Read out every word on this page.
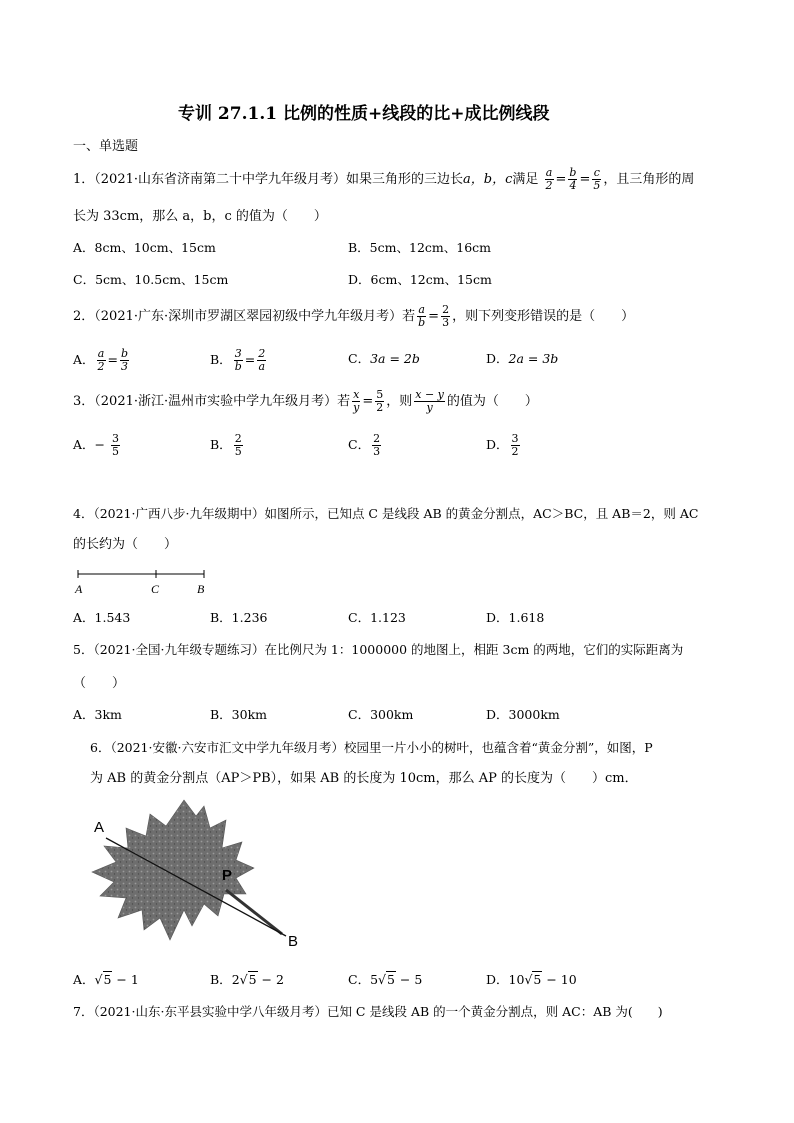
专训 27.1.1 比例的性质+线段的比+成比例线段
一、单选题
1．（2021·山东省济南第二十中学九年级月考）如果三角形的三边长a，b，c满足 $\frac{a}{2} = \frac{b}{4} = \frac{c}{5}$ ，且三角形的周
长为 33cm，那么 a，b，c 的值为（　　）
A．8cm、10cm、15cm	B．5cm、12cm、16cm
C．5cm、10.5cm、15cm	D．6cm、12cm、15cm
2．（2021·广东·深圳市罗湖区翠园初级中学九年级月考）若 $\frac{a}{b} = \frac{2}{3}$ ，则下列变形错误的是（　　）
A． $\frac{a}{2} = \frac{b}{3}$	B． $\frac{3}{b} = \frac{2}{a}$	C．3a = 2b	D．2a = 3b
3．（2021·浙江·温州市实验中学九年级月考）若 $\frac{x}{y} = \frac{5}{2}$ ，则 $\frac{x - y}{y}$ 的值为（　　）
A．− $\frac{3}{5}$	B． $\frac{2}{5}$	C． $\frac{2}{3}$	D． $\frac{3}{2}$
4．（2021·广西八步·九年级期中）如图所示，已知点 C 是线段 AB 的黄金分割点，AC＞BC，且 AB＝2，则 AC
的长约为（　　）
A	C	B
A．1.543	B．1.236	C．1.123	D．1.618
5．（2021·全国·九年级专题练习）在比例尺为 1：1000000 的地图上，相距 3cm 的两地，它们的实际距离为
（　　）
A．3km	B．30km	C．300km	D．3000km
6．（2021·安徽·六安市汇文中学九年级月考）校园里一片小小的树叶，也蕴含着“黄金分割”，如图，P
为 AB 的黄金分割点（AP＞PB），如果 AB 的长度为 10cm，那么 AP 的长度为（　　）cm．
A
P
B
A．√5 − 1	B．2√5 − 2	C．5√5 − 5	D．10√5 − 10
7．（2021·山东·东平县实验中学八年级月考）已知 C 是线段 AB 的一个黄金分割点，则 AC：AB 为(　　)
